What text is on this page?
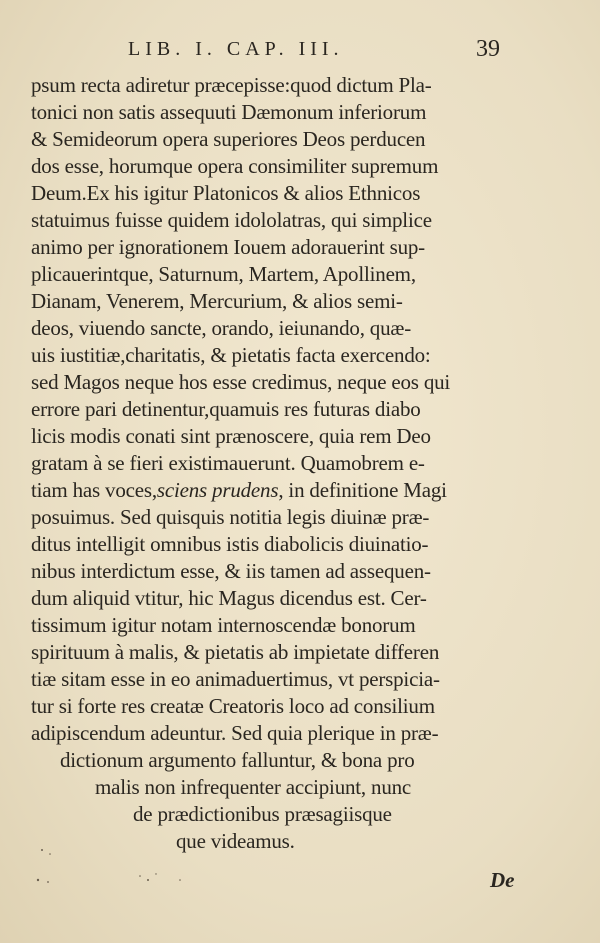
LIB. I. CAP. III.	39
psum recta adiretur præcepisse:quod dictum Pla-
tonici non satis assequuti Dæmonum inferiorum
& Semideorum opera superiores Deos perducen
dos esse, horumque opera consimiliter supremum
Deum.Ex his igitur Platonicos & alios Ethnicos
statuimus fuisse quidem idololatras, qui simplice
animo per ignorationem Iouem adorauerint sup-
plicauerintque, Saturnum, Martem, Apollinem,
Dianam, Venerem, Mercurium, & alios semi-
deos, viuendo sancte, orando, ieiunando, quæ-
uis iustitiæ,charitatis, & pietatis facta exercendo:
sed Magos neque hos esse credimus, neque eos qui
errore pari detinentur,quamuis res futuras diabo
licis modis conati sint prænoscere, quia rem Deo
gratam à se fieri existimauerunt. Quamobrem e-
tiam has voces,sciens prudens, in definitione Magi
posuimus. Sed quisquis notitia legis diuinæ præ-
ditus intelligit omnibus istis diabolicis diuinatio-
nibus interdictum esse, & iis tamen ad assequen-
dum aliquid vtitur, hic Magus dicendus est. Cer-
tissimum igitur notam internoscendæ bonorum
spirituum à malis, & pietatis ab impietate differen
tiæ sitam esse in eo animaduertimus, vt perspicia-
tur si forte res creatæ Creatoris loco ad consilium
adipiscendum adeuntur. Sed quia plerique in præ-
dictionum argumento falluntur, & bona pro
malis non infrequenter accipiunt, nunc
de prædictionibus præsagiisque
que videamus.
De
